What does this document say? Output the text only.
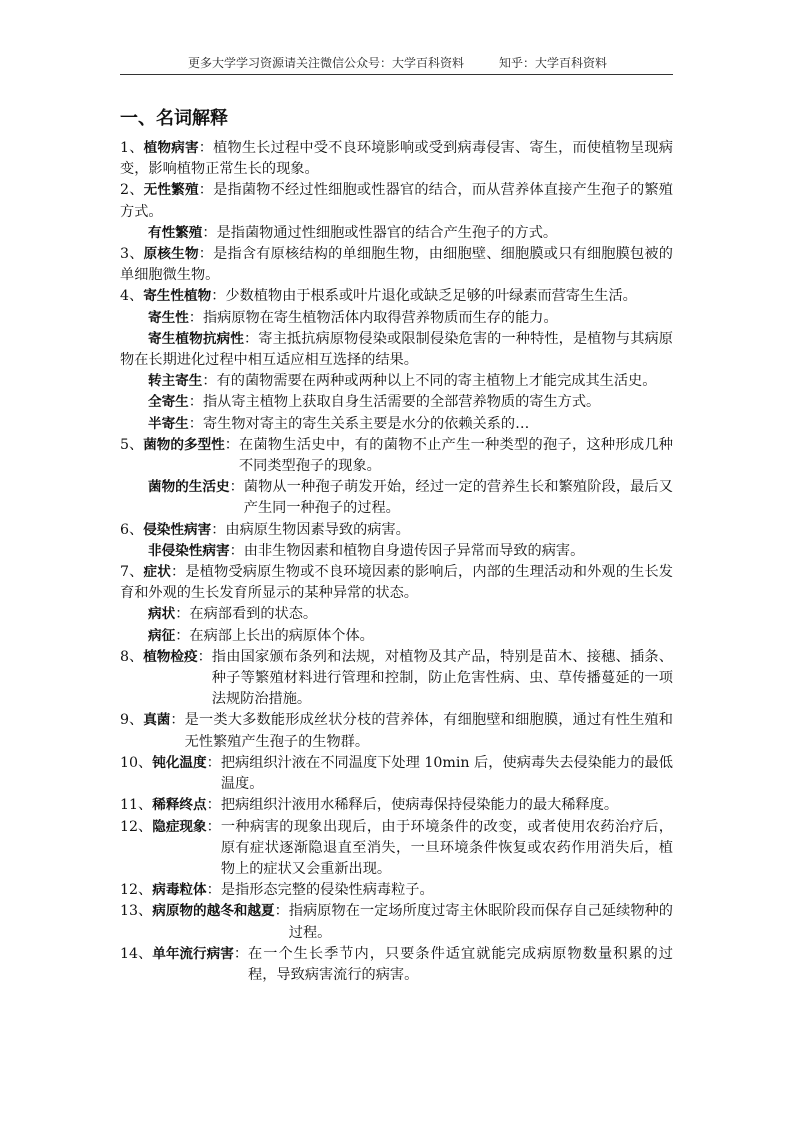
更多大学学习资源请关注微信公众号：大学百科资料	知乎：大学百科资料
一、名词解释

1、植物病害：植物生长过程中受不良环境影响或受到病毒侵害、寄生，而使植物呈现病变，影响植物正常生长的现象。

2、无性繁殖：是指菌物不经过性细胞或性器官的结合，而从营养体直接产生孢子的繁殖方式。

有性繁殖：是指菌物通过性细胞或性器官的结合产生孢子的方式。

3、原核生物：是指含有原核结构的单细胞生物，由细胞壁、细胞膜或只有细胞膜包被的单细胞微生物。

4、寄生性植物：少数植物由于根系或叶片退化或缺乏足够的叶绿素而营寄生生活。

寄生性：指病原物在寄生植物活体内取得营养物质而生存的能力。

寄生植物抗病性：寄主抵抗病原物侵染或限制侵染危害的一种特性，是植物与其病原物在长期进化过程中相互适应相互选择的结果。

转主寄生： 有的菌物需要在两种或两种以上不同的寄主植物上才能完成其生活史。

全寄生：指从寄主植物上获取自身生活需要的全部营养物质的寄生方式。

半寄生：寄生物对寄主的寄生关系主要是水分的依赖关系的…

5、菌物的多型性： 在菌物生活史中，有的菌物不止产生一种类型的孢子，这种形成几种不同类型孢子的现象。
菌物的生活史： 菌物从一种孢子萌发开始，经过一定的营养生长和繁殖阶段，最后又产生同一种孢子的过程。

6、侵染性病害：由病原生物因素导致的病害。

非侵染性病害：由非生物因素和植物自身遗传因子异常而导致的病害。

7、症状：是植物受病原生物或不良环境因素的影响后，内部的生理活动和外观的生长发育和外观的生长发育所显示的某种异常的状态。

病状：在病部看到的状态。

病征：在病部上长出的病原体个体。

8、植物检疫： 指由国家颁布条列和法规，对植物及其产品，特别是苗木、接穗、插条、种子等繁殖材料进行管理和控制，防止危害性病、虫、草传播蔓延的一项法规防治措施。
9、真菌： 是一类大多数能形成丝状分枝的营养体，有细胞壁和细胞膜，通过有性生殖和无性繁殖产生孢子的生物群。
10、钝化温度： 把病组织汁液在不同温度下处理 10min 后，使病毒失去侵染能力的最低温度。
11、稀释终点： 把病组织汁液用水稀释后，使病毒保持侵染能力的最大稀释度。
12、隐症现象： 一种病害的现象出现后，由于环境条件的改变，或者使用农药治疗后，原有症状逐渐隐退直至消失，一旦环境条件恢复或农药作用消失后，植物上的症状又会重新出现。
12、病毒粒体： 是指形态完整的侵染性病毒粒子。
13、病原物的越冬和越夏： 指病原物在一定场所度过寄主休眠阶段而保存自己延续物种的过程。
14、单年流行病害： 在一个生长季节内，只要条件适宜就能完成病原物数量积累的过程，导致病害流行的病害。
